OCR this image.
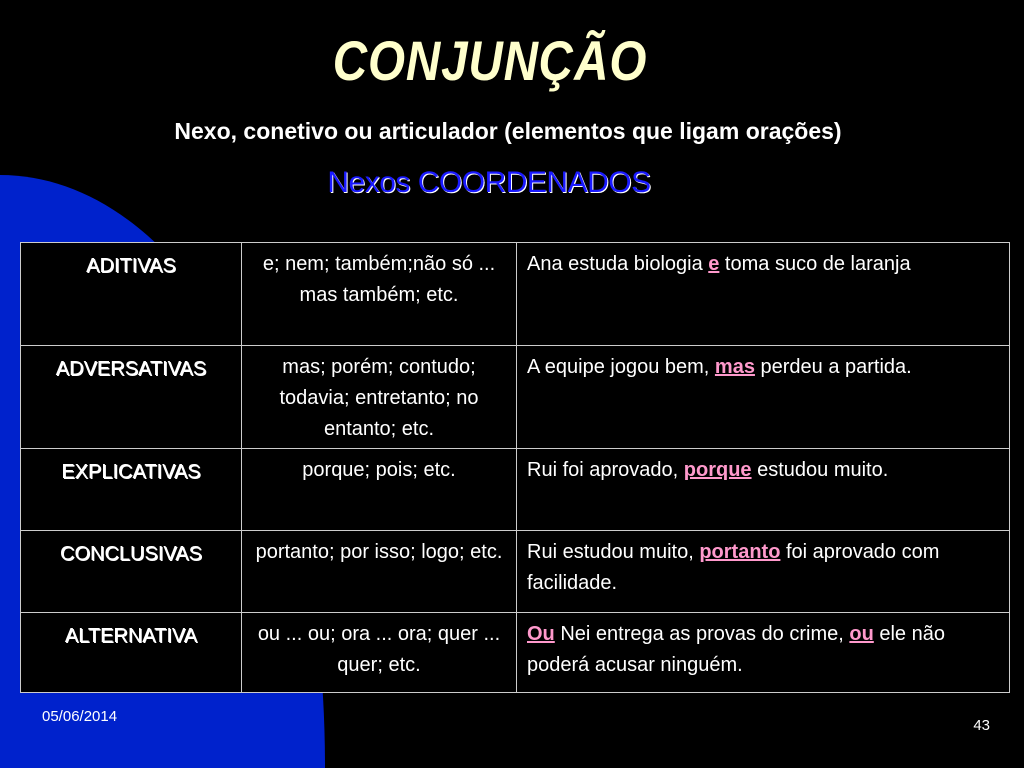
CONJUNÇÃO
Nexo, conetivo ou articulador (elementos que ligam orações)
Nexos COORDENADOS
ADITIVAS	e; nem; também;não só ... mas também; etc.	Ana estuda biologia e toma suco de laranja
ADVERSATIVAS	mas; porém; contudo; todavia; entretanto; no entanto; etc.	A equipe jogou bem, mas perdeu a partida.
EXPLICATIVAS	porque; pois; etc.	Rui foi aprovado, porque estudou muito.
CONCLUSIVAS	portanto; por isso; logo; etc.	Rui estudou muito, portanto foi aprovado com facilidade.
ALTERNATIVA	ou ... ou; ora ... ora; quer ... quer; etc.	Ou Nei entrega as provas do crime, ou ele não poderá acusar ninguém.
05/06/2014
43
